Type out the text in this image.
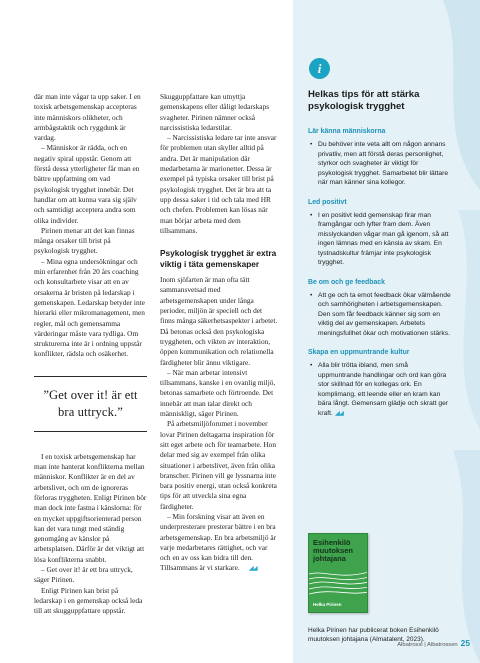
där man inte vågar ta upp saker. I en toxisk arbetsgemenskap accepteras inte människors olikheter, och armbågstaktik och ryggdunk är vardag.

– Människor är rädda, och en negativ spiral uppstår. Genom att förstå dessa ytterligheter får man en bättre uppfattning om vad psykologisk trygghet innebär. Det handlar om att kunna vara sig själv och samtidigt acceptera andra som olika individer.

Pirinen menar att det kan finnas många orsaker till brist på psykologisk trygghet.

– Mina egna undersökningar och min erfarenhet från 20 års coaching och konsultarbete visar att en av orsakerna är bristen på ledarskap i gemenskapen. Ledarskap betyder inte hierarki eller mikromanagement, men regler, mål och gemensamma värderingar måste vara tydliga. Om strukturerna inte är i ordning uppstår konflikter, rädsla och osäkerhet.

”Get over it! är ett bra uttryck.”

I en toxisk arbetsgemenskap har man inte hanterat konflikterna mellan människor. Konflikter är en del av arbetslivet, och om de ignoreras förloras tryggheten. Enligt Pirinen bör man dock inte fastna i känslorna: för en mycket uppgiftsorienterad person kan det vara tungt med ständig genomgång av känslor på arbetsplatsen. Därför är det viktigt att lösa konflikterna snabbt.

– Get over it! är ett bra uttryck, säger Pirinen.

Enligt Pirinen kan brist på ledarskap i en gemenskap också leda till att skugguppfattare uppstår.

Skugguppfattare kan utnyttja gemenskapens eller dåligt ledarskaps svagheter. Pirinen nämner också narcissistiska ledarstilar.

– Narcissistiska ledare tar inte ansvar för problemen utan skyller alltid på andra. Det är manipulation där medarbetarna är marionetter. Dessa är exempel på typiska orsaker till brist på psykologisk trygghet. Det är bra att ta upp dessa saker i tid och tala med HR och chefen. Problemen kan lösas när man börjar arbeta med dem tillsammans.

Psykologisk trygghet är extra viktig i täta gemenskaper

Inom sjöfarten är man ofta tätt sammansvetsad med arbetsgemenskapen under långa perioder, miljön är speciell och det finns många säkerhetsaspekter i arbetet. Då betonas också den psykologiska tryggheten, och vikten av interaktion, öppen kommunikation och relationella färdigheter blir ännu viktigare.

– När man arbetar intensivt tillsammans, kanske i en ovanlig miljö, betonas samarbete och förtroende. Det innebär att man talar direkt och människligt, säger Pirinen.

På arbetsmiljöforumet i november lovar Pirinen deltagarna inspiration för sitt eget arbete och för teamarbete. Hon delar med sig av exempel från olika situationer i arbetslivet, även från olika branscher. Pirinen vill ge lyssnarna inte bara positiv energi, utan också konkreta tips för att utveckla sina egna färdigheter.

– Min forskning visar att även en underpresterare presterar bättre i en bra arbetsgemenskap. En bra arbetsmiljö är varje medarbetares rättighet, och var och en av oss kan bidra till den. Tillsammans är vi starkare. ◢◢

i
Helkas tips för att stärka psykologisk trygghet
Lär känna människorna
• Du behöver inte veta allt om någon annans privatliv, men att förstå deras personlighet, styrkor och svagheter är viktigt för psykologisk trygghet. Samarbetet blir lättare när man känner sina kollegor.
Led positivt
• I en positivt ledd gemenskap firar man framgångar och lyfter fram dem. Även misslyckanden vågar man gå igenom, så att ingen lämnas med en känsla av skam. En tystnadskultur främjar inte psykologisk trygghet.
Be om och ge feedback
• Att ge och ta emot feedback ökar välmående och samhörigheten i arbetsgemenskapen. Den som får feedback känner sig som en viktig del av gemenskapen. Arbetets meningsfullhet ökar och motivationen stärks.
Skapa en uppmuntrande kultur
• Alla blir trötta ibland, men små uppmuntrande handlingar och ord kan göra stor skillnad för en kollegas ork. En komplimang, ett leende eller en kram kan bära långt. Gemensam glädje och skratt ger kraft. ◢◢
Esihenkilö muutoksen johtajana
Helka Pirinen
Helka Pirinen har publicerat boken Esihenkilö muutoksen johtajana (Almatalent, 2023).
Albatrossi | Albatrossen 25
